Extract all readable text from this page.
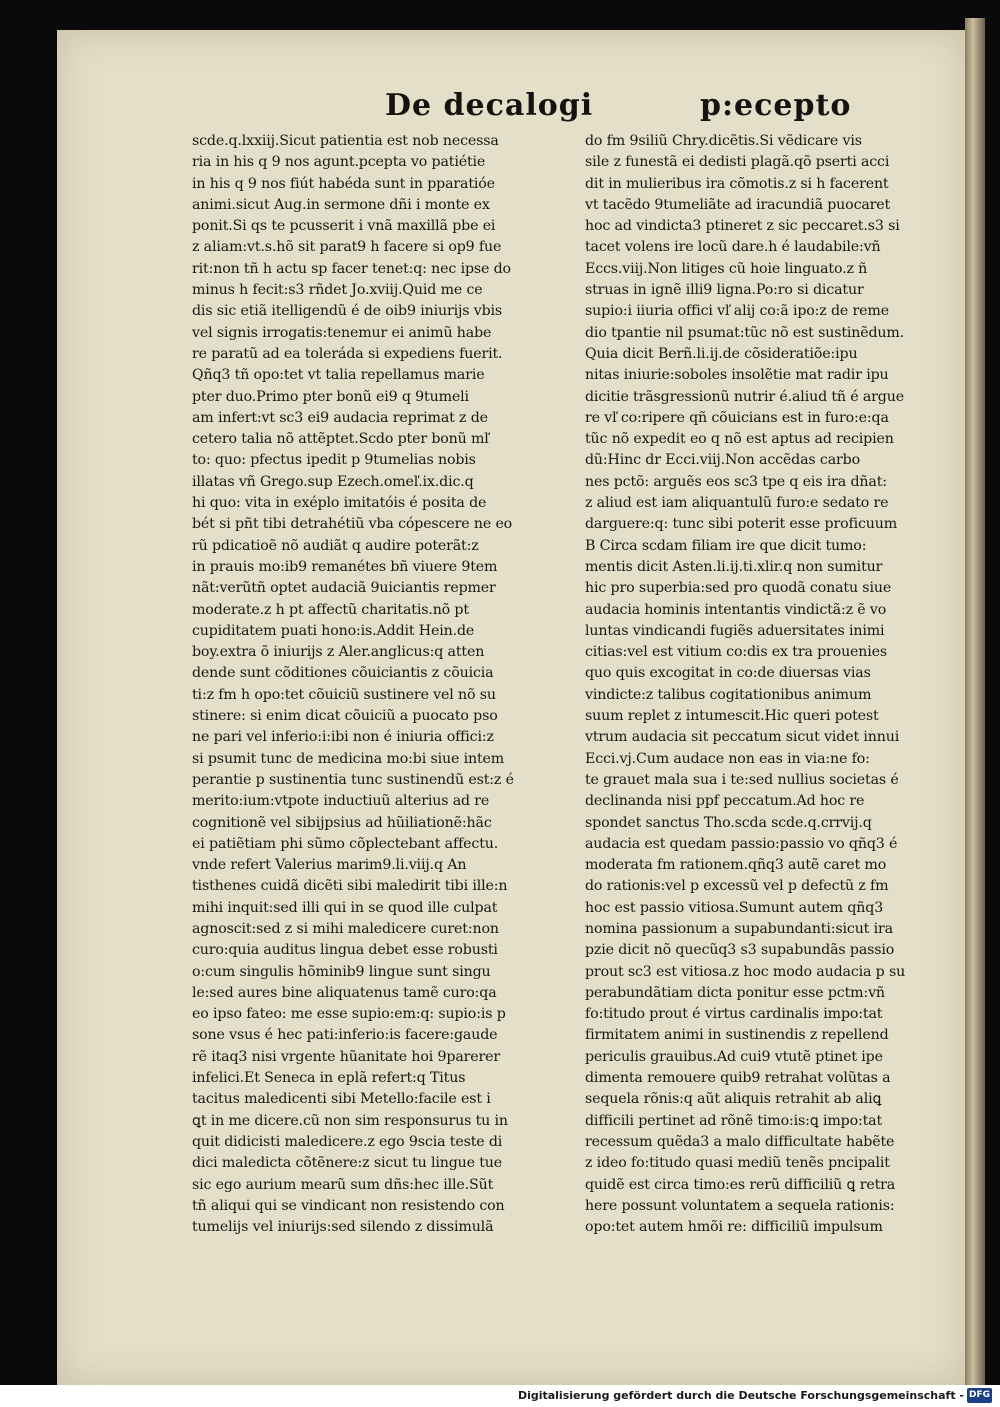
De decalogi	p:ecepto
scde.q.lxxiij.Sicut patientia est nob necessa
ria in his q 9 nos agunt.pcepta vo patiétie
in his q 9 nos fiút habéda sunt in pparatióe
animi.sicut Aug.in sermone dñi i monte ex
ponit.Si qs te pcusserit i vnã maxillã pbe ei
z aliam:vt.s.hõ sit parat9 h facere si op9 fue
rit:non tñ h actu sp facer tenet:q: nec ipse do
minus h fecit:s3 rñdet Jo.xviij.Quid me ce
dis sic etiã itelligendũ é de oib9 iniurijs vbis
vel signis irrogatis:tenemur ei animũ habe
re paratũ ad ea toleráda si expediens fuerit.
Qñq3 tñ opo:tet vt talia repellamus marie
pter duo.Primo pter bonũ ei9 q 9tumeli
am infert:vt sc3 ei9 audacia reprimat z de
cetero talia nõ attẽptet.Scdo pter bonũ mľ
to: quo: pfectus ipedit p 9tumelias nobis
illatas vñ Grego.sup Ezech.omeľ.ix.dic.q
hi quo: vita in exéplo imitatóis é posita de
bét si pñt tibi detrahétiũ vba cópescere ne eo
rũ pdicatioẽ nõ audiãt q audire poterãt:z
in prauis mo:ib9 remanétes bñ viuere 9tem
nãt:verũtñ optet audaciã 9uiciantis repmer
moderate.z h pt affectũ charitatis.nõ pt
cupiditatem puati hono:is.Addit Hein.de
boy.extra õ iniurijs z Aler.anglicus:q atten
dende sunt cõditiones cõuiciantis z cõuicia
ti:z fm h opo:tet cõuiciũ sustinere vel nõ su
stinere: si enim dicat cõuiciũ a puocato pso
ne pari vel inferio:i:ibi non é iniuria offici:z
si psumit tunc de medicina mo:bi siue intem
perantie p sustinentia tunc sustinendũ est:z é
merito:ium:vtpote inductiuũ alterius ad re
cognitionẽ vel sibijpsius ad hũiliationẽ:hãc
ei patiẽtiam phi sũmo cõplectebant affectu.
vnde refert Valerius marim9.li.viij.q An
tisthenes cuidã dicẽti sibi maledirit tibi ille:n
mihi inquit:sed illi qui in se quod ille culpat
agnoscit:sed z si mihi maledicere curet:non
curo:quia auditus lingua debet esse robusti
o:cum singulis hõminib9 lingue sunt singu
le:sed aures bine aliquatenus tamẽ curo:qa
eo ipso fateo: me esse supio:em:q: supio:is p
sone vsus é hec pati:inferio:is facere:gaude
rẽ itaq3 nisi vrgente hũanitate hoi 9parerer
infelici.Et Seneca in eplã refert:q Titus
tacitus maledicenti sibi Metello:facile est i
ꝗt in me dicere.cũ non sim responsurus tu in
quit didicisti maledicere.z ego 9scia teste di
dici maledicta cõtẽnere:z sicut tu lingue tue
sic ego aurium mearũ sum dñs:hec ille.Sũt
tñ aliqui qui se vindicant non resistendo con
tumelijs vel iniurijs:sed silendo z dissimulã
do fm 9siliũ Chry.dicẽtis.Si vẽdicare vis
sile z funestã ei dedisti plagã.qõ pserti acci
dit in mulieribus ira cõmotis.z si h facerent
vt tacẽdo 9tumeliãte ad iracundiã puocaret
hoc ad vindicta3 ptineret z sic peccaret.s3 si
tacet volens ire locũ dare.h é laudabile:vñ
Eccs.viij.Non litiges cũ hoie linguato.z ñ
struas in ignẽ illi9 ligna.Po:ro si dicatur
supio:i iiuria offici vľ alij co:ã ipo:z de reme
dio tpantie nil psumat:tũc nõ est sustinẽdum.
Quia dicit Berñ.li.ij.de cõsideratiõe:ipu
nitas iniurie:soboles insolẽtie mat radir ipu
dicitie trãsgressionũ nutrir é.aliud tñ é argue
re vľ co:ripere qñ cõuicians est in furo:e:qa
tũc nõ expedit eo q nõ est aptus ad recipien
dũ:Hinc dr Ecci.viij.Non accẽdas carbo
nes pctõ: arguẽs eos sc3 tpe q eis ira dñat:
z aliud est iam aliquantulũ furo:e sedato re
darguere:q: tunc sibi poterit esse proficuum
B Circa scdam filiam ire que dicit tumo:
mentis dicit Asten.li.ij.ti.xlir.q non sumitur
hic pro superbia:sed pro quodã conatu siue
audacia hominis intentantis vindictã:z ẽ vo
luntas vindicandi fugiẽs aduersitates inimi
citias:vel est vitium co:dis ex tra prouenies
quo quis excogitat in co:de diuersas vias
vindicte:z talibus cogitationibus animum
suum replet z intumescit.Hic queri potest
vtrum audacia sit peccatum sicut videt innui
Ecci.vj.Cum audace non eas in via:ne fo:
te grauet mala sua i te:sed nullius societas é
declinanda nisi ppf peccatum.Ad hoc re
spondet sanctus Tho.scda scde.q.crrvij.q
audacia est quedam passio:passio vo qñq3 é
moderata fm rationem.qñq3 autẽ caret mo
do rationis:vel p excessũ vel p defectũ z fm
hoc est passio vitiosa.Sumunt autem qñq3
nomina passionum a supabundanti:sicut ira
pzie dicit nõ quecũq3 s3 supabundãs passio
prout sc3 est vitiosa.z hoc modo audacia p su
perabundãtiam dicta ponitur esse pctm:vñ
fo:titudo prout é virtus cardinalis impo:tat
firmitatem animi in sustinendis z repellend
periculis grauibus.Ad cui9 vtutẽ ptinet ipe
dimenta remouere quib9 retrahat volũtas a
sequela rõnis:q aũt aliquis retrahit ab aliꝗ
difficili pertinet ad rõnẽ timo:is:ꝗ impo:tat
recessum quẽda3 a malo difficultate habẽte
z ideo fo:titudo quasi mediũ tenẽs pncipalit
quidẽ est circa timo:es rerũ difficiliũ ꝗ retra
here possunt voluntatem a sequela rationis:
opo:tet autem hmõi re: difficiliũ impulsum
Digitalisierung gefördert durch die Deutsche Forschungsgemeinschaft - DFG
